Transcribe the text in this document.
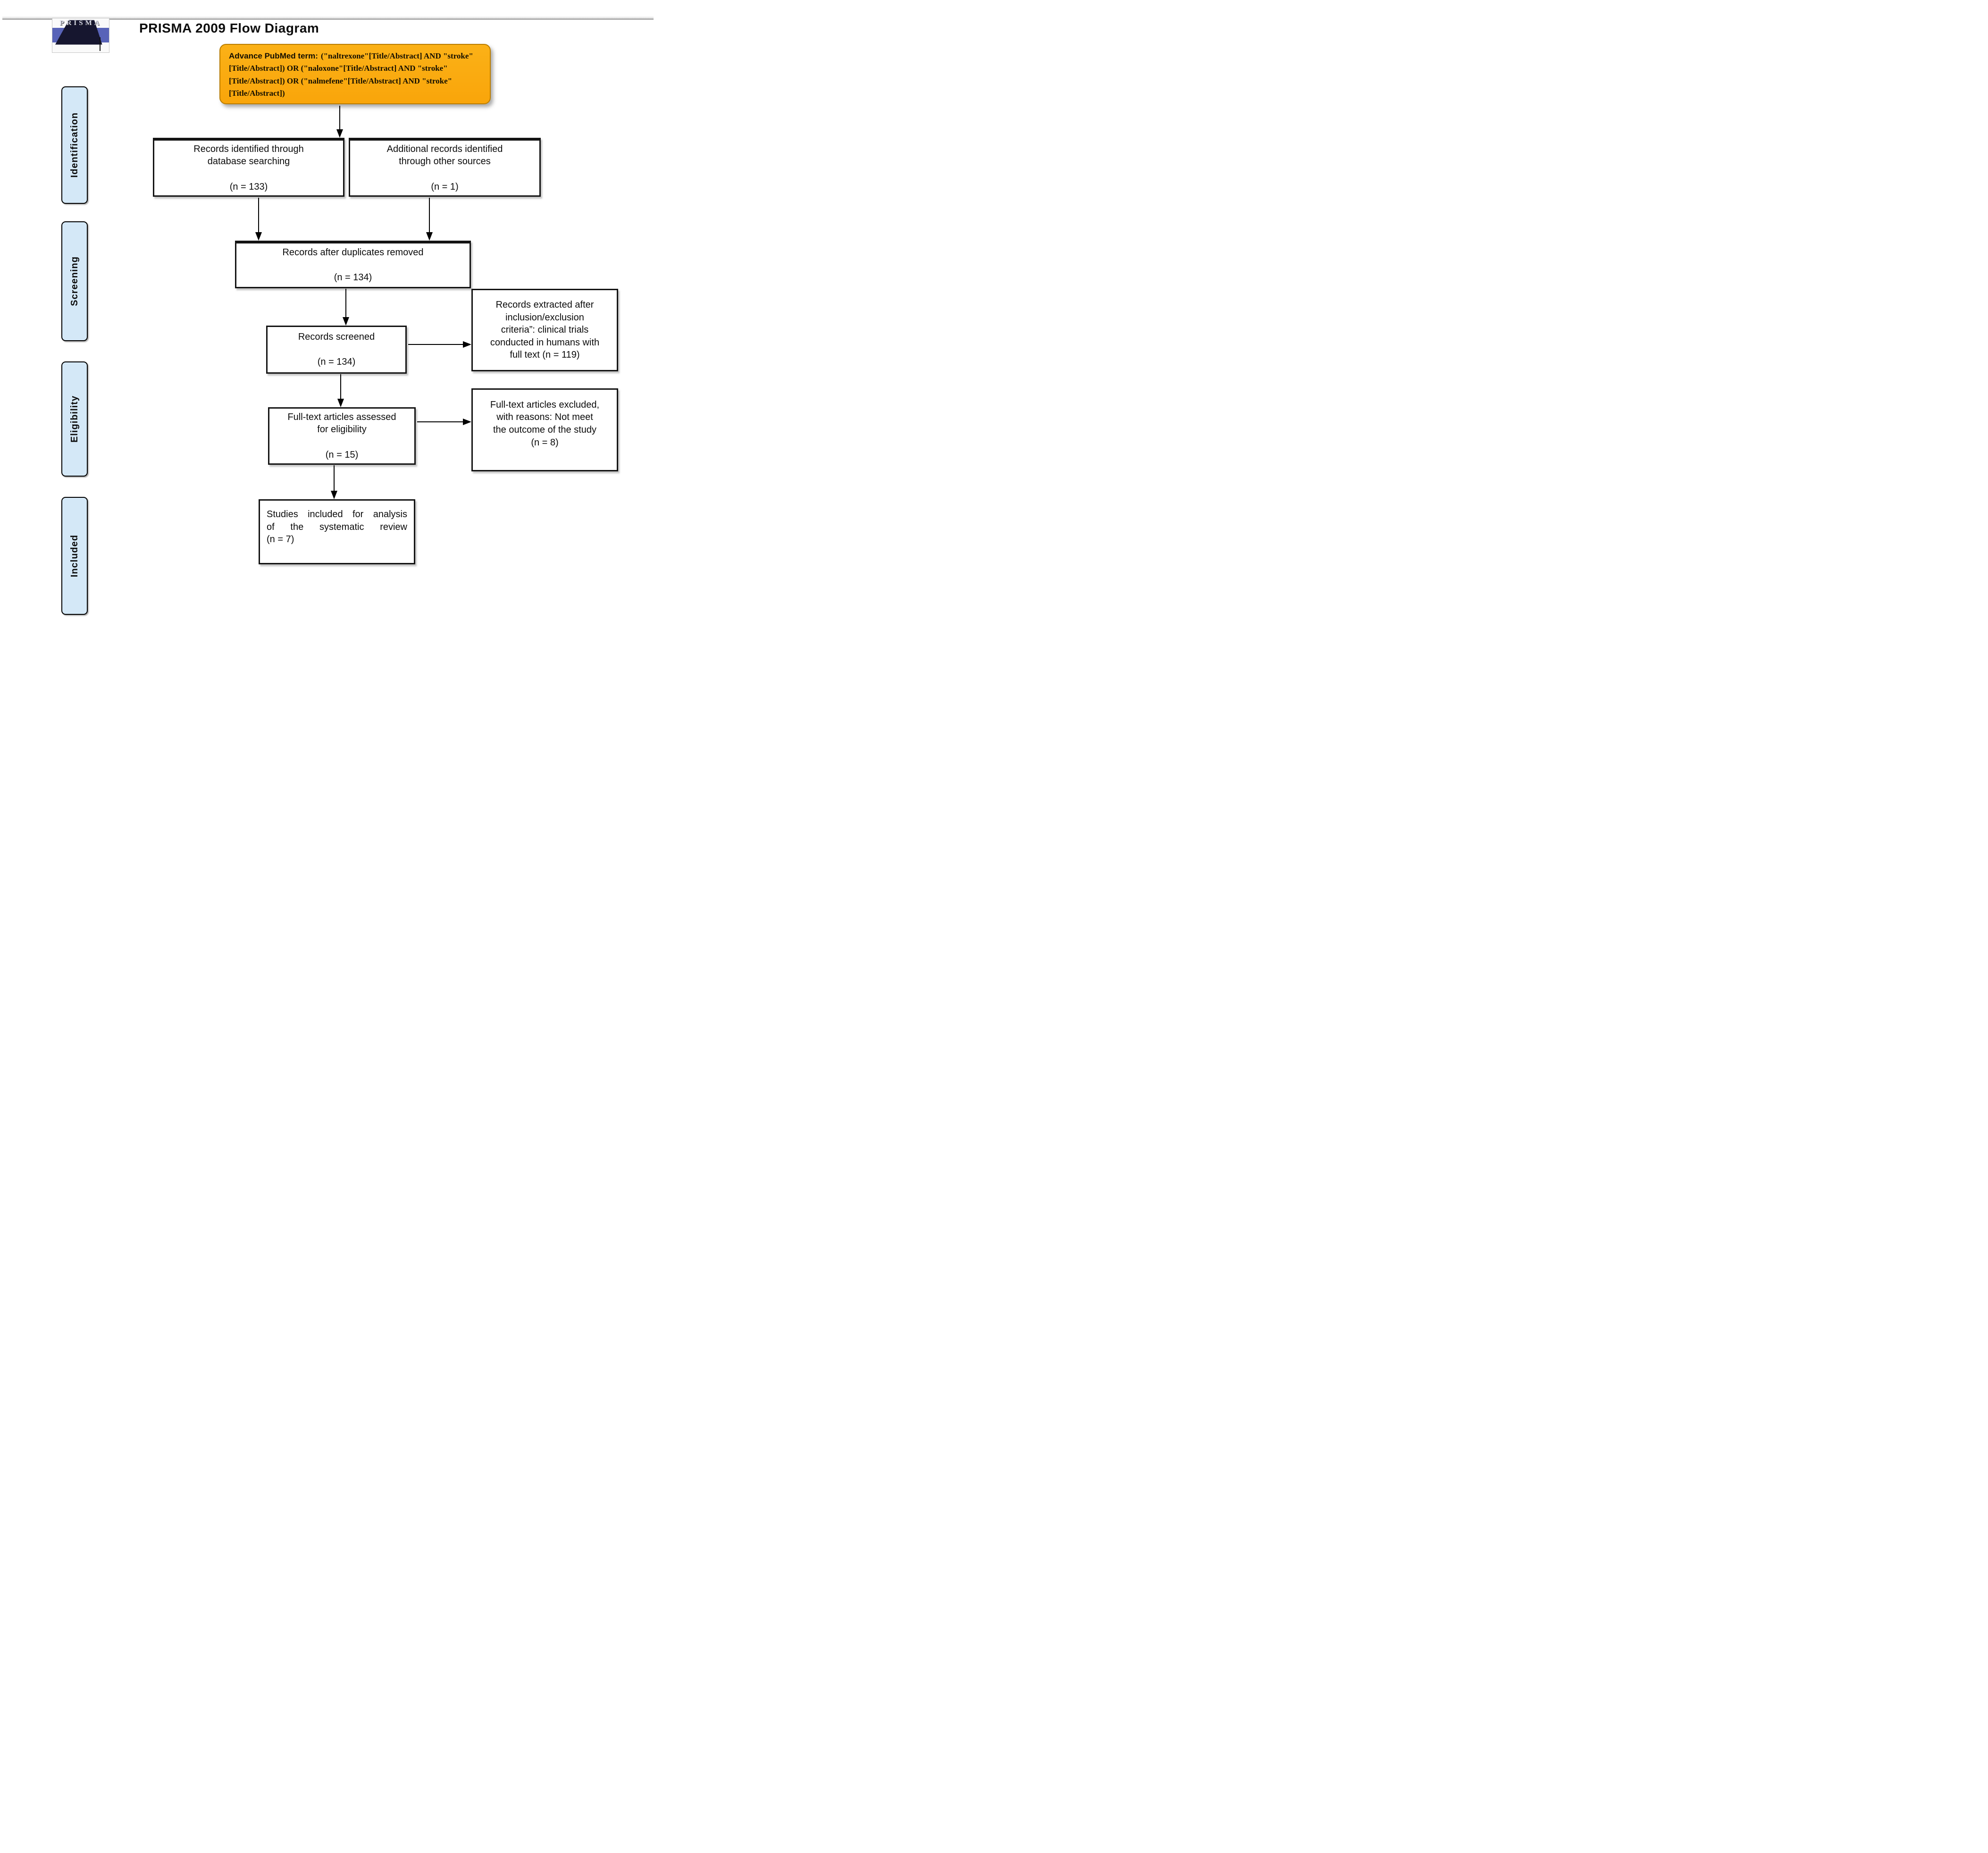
PRISMA	PRISMA 2009 Flow Diagram
Advance PubMed term: ("naltrexone"[Title/Abstract] AND "stroke"[Title/Abstract]) OR ("naloxone"[Title/Abstract] AND "stroke"[Title/Abstract]) OR ("nalmefene"[Title/Abstract] AND "stroke"[Title/Abstract])
Identification
Screening
Eligibility
Included
Records identified through
database searching
(n = 133)
Additional records identified
through other sources
(n = 1)
Records after duplicates removed
(n = 134)
Records screened
(n = 134)
Records extracted after
inclusion/exclusion
criteria”: clinical trials
conducted in humans with
full text (n = 119)
Full-text articles assessed
for eligibility
(n = 15)
Full-text articles excluded,
with reasons: Not meet
the outcome of the study
(n = 8)
Studies included for analysis
of the systematic review
(n = 7)
